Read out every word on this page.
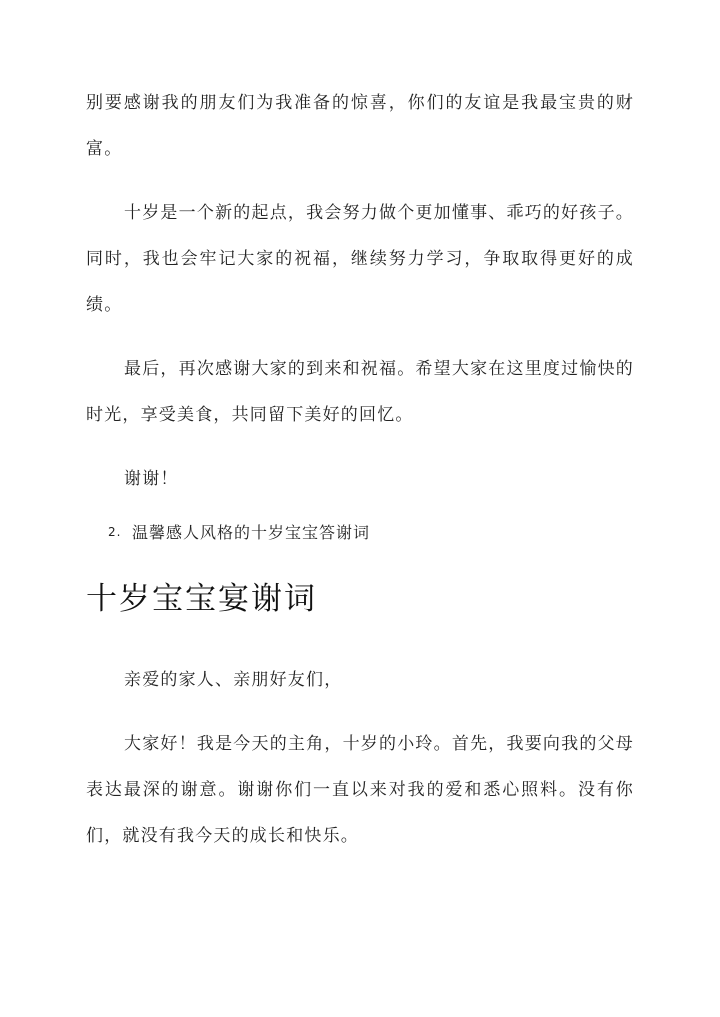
别要感谢我的朋友们为我准备的惊喜，你们的友谊是我最宝贵的财富。

十岁是一个新的起点，我会努力做个更加懂事、乖巧的好孩子。同时，我也会牢记大家的祝福，继续努力学习，争取取得更好的成绩。

最后，再次感谢大家的到来和祝福。希望大家在这里度过愉快的时光，享受美食，共同留下美好的回忆。

谢谢！

2. 温馨感人风格的十岁宝宝答谢词
十岁宝宝宴谢词

亲爱的家人、亲朋好友们，

大家好！我是今天的主角，十岁的小玲。首先，我要向我的父母表达最深的谢意。谢谢你们一直以来对我的爱和悉心照料。没有你们，就没有我今天的成长和快乐。
